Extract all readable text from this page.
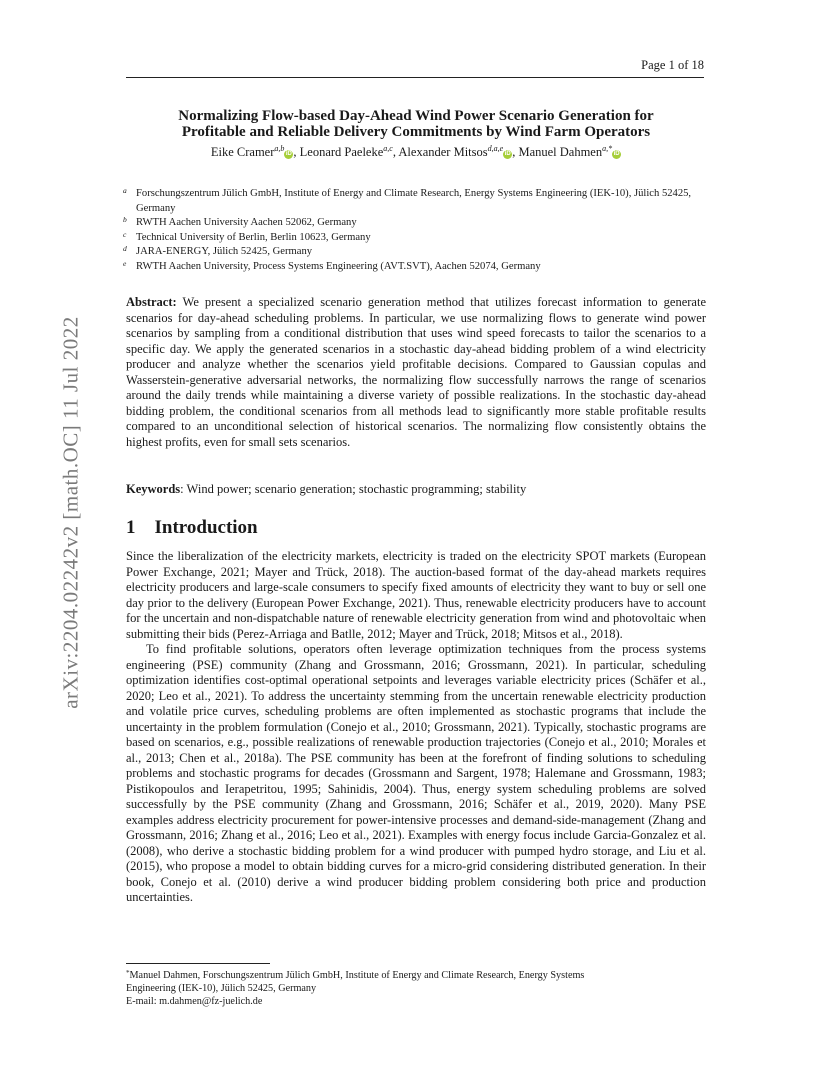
Page 1 of 18
arXiv:2204.02242v2 [math.OC] 11 Jul 2022
Normalizing Flow-based Day-Ahead Wind Power Scenario Generation for
Profitable and Reliable Delivery Commitments by Wind Farm Operators
Eike Cramer$^{a,b}$iD , Leonard Paeleke$^{a,c}$, Alexander Mitsos$^{d,a,e}$iD , Manuel Dahmen$^{a,*}$iD
a Forschungszentrum Jülich GmbH, Institute of Energy and Climate Research, Energy Systems Engineering (IEK-10), Jülich 52425, Germany
b RWTH Aachen University Aachen 52062, Germany
c Technical University of Berlin, Berlin 10623, Germany
d JARA-ENERGY, Jülich 52425, Germany
e RWTH Aachen University, Process Systems Engineering (AVT.SVT), Aachen 52074, Germany

Abstract: We present a specialized scenario generation method that utilizes forecast information to generate scenarios for day-ahead scheduling problems. In particular, we use normalizing flows to generate wind power scenarios by sampling from a conditional distribution that uses wind speed forecasts to tailor the scenarios to a specific day. We apply the generated scenarios in a stochastic day-ahead bidding problem of a wind electricity producer and analyze whether the scenarios yield profitable decisions. Compared to Gaussian copulas and Wasserstein-generative adversarial networks, the normalizing flow successfully narrows the range of scenarios around the daily trends while maintaining a diverse variety of possible realizations. In the stochastic day-ahead bidding problem, the conditional scenarios from all methods lead to significantly more stable profitable results compared to an unconditional selection of historical scenarios. The normalizing flow consistently obtains the highest profits, even for small sets scenarios.

Keywords: Wind power; scenario generation; stochastic programming; stability
1 Introduction

Since the liberalization of the electricity markets, electricity is traded on the electricity SPOT markets (European Power Exchange, 2021; Mayer and Trück, 2018). The auction-based format of the day-ahead markets requires electricity producers and large-scale consumers to specify fixed amounts of electricity they want to buy or sell one day prior to the delivery (European Power Exchange, 2021). Thus, renewable electricity producers have to account for the uncertain and non-dispatchable nature of renewable electricity generation from wind and photovoltaic when submitting their bids (Perez-Arriaga and Batlle, 2012; Mayer and Trück, 2018; Mitsos et al., 2018).

To find profitable solutions, operators often leverage optimization techniques from the process systems engineering (PSE) community (Zhang and Grossmann, 2016; Grossmann, 2021). In particular, scheduling optimization identifies cost-optimal operational setpoints and leverages variable electricity prices (Schäfer et al., 2020; Leo et al., 2021). To address the uncertainty stemming from the uncertain renewable electricity production and volatile price curves, scheduling problems are often implemented as stochastic programs that include the uncertainty in the problem formulation (Conejo et al., 2010; Grossmann, 2021). Typically, stochastic programs are based on scenarios, e.g., possible realizations of renewable production trajectories (Conejo et al., 2010; Morales et al., 2013; Chen et al., 2018a). The PSE community has been at the forefront of finding solutions to scheduling problems and stochastic programs for decades (Grossmann and Sargent, 1978; Halemane and Grossmann, 1983; Pistikopoulos and Ierapetritou, 1995; Sahinidis, 2004). Thus, energy system scheduling problems are solved successfully by the PSE community (Zhang and Grossmann, 2016; Schäfer et al., 2019, 2020). Many PSE examples address electricity procurement for power-intensive processes and demand-side-management (Zhang and Grossmann, 2016; Zhang et al., 2016; Leo et al., 2021). Examples with energy focus include Garcia-Gonzalez et al. (2008), who derive a stochastic bidding problem for a wind producer with pumped hydro storage, and Liu et al. (2015), who propose a model to obtain bidding curves for a micro-grid considering distributed generation. In their book, Conejo et al. (2010) derive a wind producer bidding problem considering both price and production uncertainties.

*Manuel Dahmen, Forschungszentrum Jülich GmbH, Institute of Energy and Climate Research, Energy Systems
Engineering (IEK-10), Jülich 52425, Germany
E-mail: m.dahmen@fz-juelich.de
